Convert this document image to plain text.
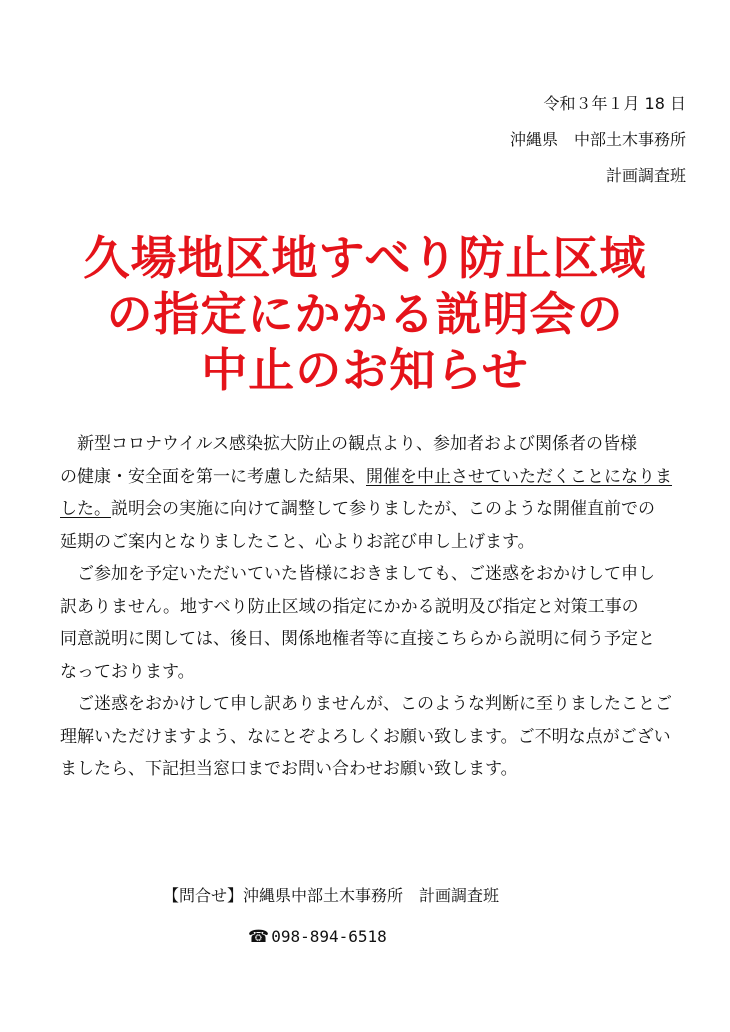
令和３年１月 18 日
沖縄県　中部土木事務所
計画調査班
久場地区地すべり防止区域
の指定にかかる説明会の
中止のお知らせ
　新型コロナウイルス感染拡大防止の観点より、参加者および関係者の皆様
の健康・安全面を第一に考慮した結果、開催を中止させていただくことになりま
した。説明会の実施に向けて調整して参りましたが、このような開催直前での
延期のご案内となりましたこと、心よりお詫び申し上げます。
　ご参加を予定いただいていた皆様におきましても、ご迷惑をおかけして申し
訳ありません。地すべり防止区域の指定にかかる説明及び指定と対策工事の
同意説明に関しては、後日、関係地権者等に直接こちらから説明に伺う予定と
なっております。
　ご迷惑をおかけして申し訳ありませんが、このような判断に至りましたことご
理解いただけますよう、なにとぞよろしくお願い致します。ご不明な点がござい
ましたら、下記担当窓口までお問い合わせお願い致します。
【問合せ】沖縄県中部土木事務所　計画調査班
☎ 098-894-6518
